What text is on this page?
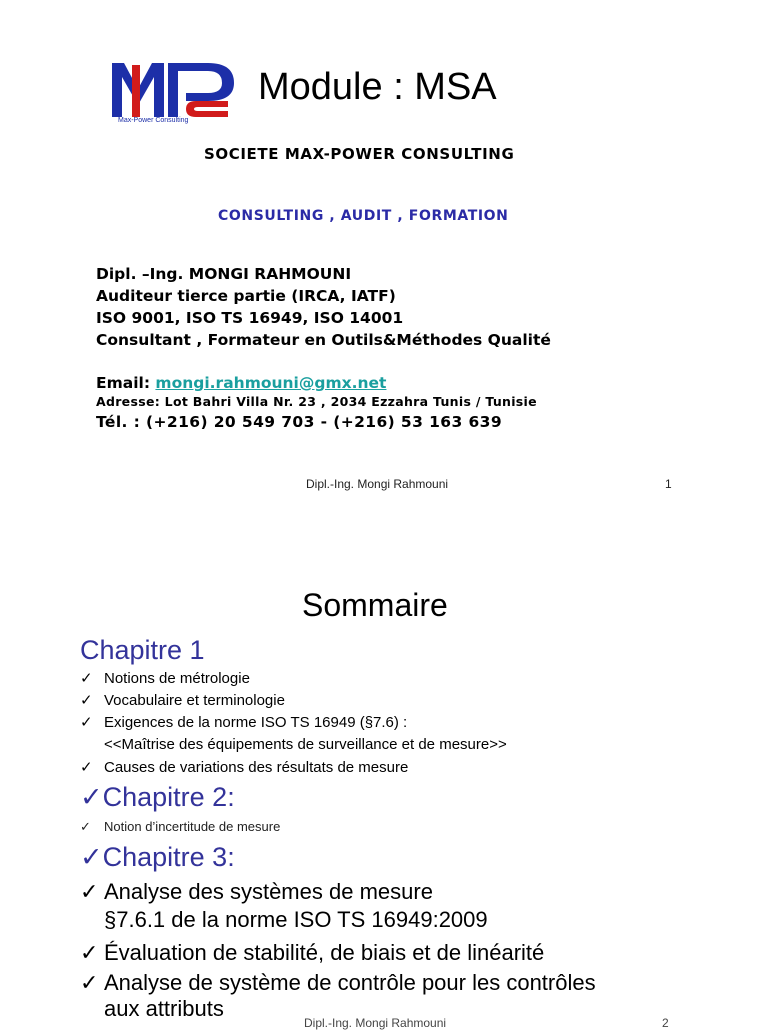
Max-Power Consulting
Module : MSA
SOCIETE MAX-POWER CONSULTING
CONSULTING , AUDIT , FORMATION
Dipl. –Ing. MONGI RAHMOUNI
Auditeur tierce partie (IRCA, IATF)
ISO 9001, ISO TS 16949, ISO 14001
Consultant , Formateur en Outils&Méthodes Qualité
Email: mongi.rahmouni@gmx.net
Adresse: Lot Bahri Villa Nr. 23 , 2034 Ezzahra Tunis / Tunisie
Tél. : (+216) 20 549 703 - (+216) 53 163 639
Dipl.-Ing. Mongi Rahmouni	1
Sommaire
Chapitre 1
✓ Notions de métrologie
✓ Vocabulaire et terminologie
✓ Exigences de la norme ISO TS 16949 (§7.6) :
<<Maîtrise des équipements de surveillance et de mesure>>
✓ Causes de variations des résultats de mesure
✓Chapitre 2:
✓ Notion d’incertitude de mesure
✓Chapitre 3:
✓ Analyse des systèmes de mesure
§7.6.1 de la norme ISO TS 16949:2009
✓ Évaluation de stabilité, de biais et de linéarité
✓ Analyse de système de contrôle pour les contrôles
aux attributs
Dipl.-Ing. Mongi Rahmouni	2
